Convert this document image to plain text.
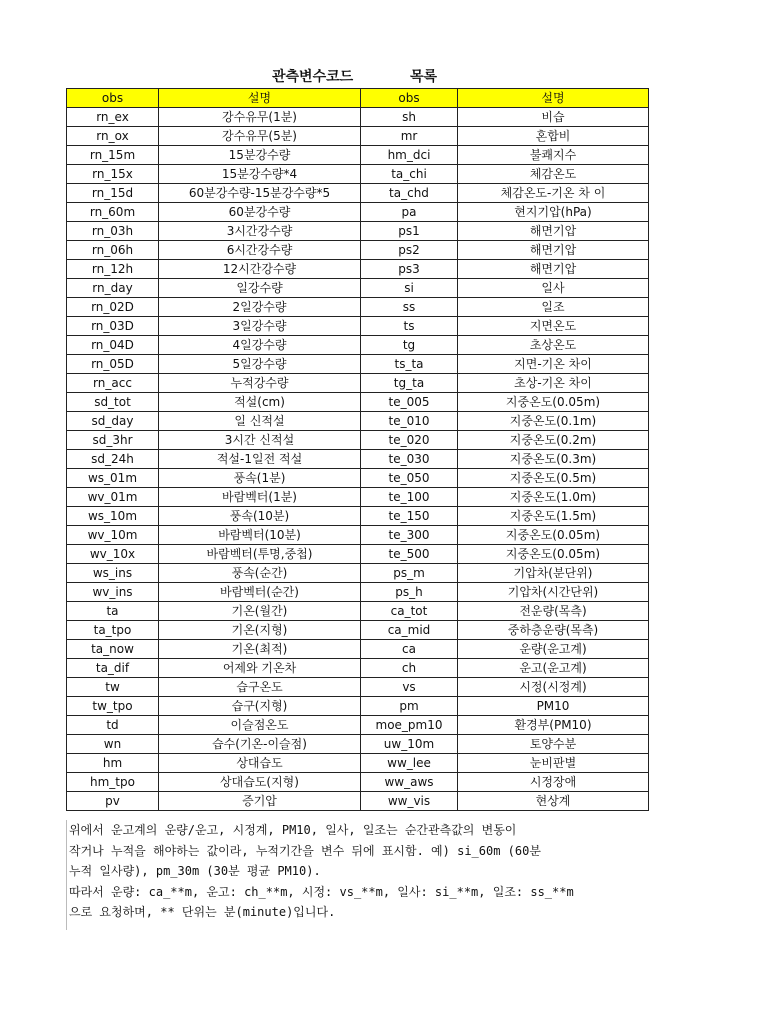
관측변수코드	목록
obs	설명	obs	설명
rn_ex	강수유무(1분)	sh	비습
rn_ox	강수유무(5분)	mr	혼합비
rn_15m	15분강수량	hm_dci	불쾌지수
rn_15x	15분강수량*4	ta_chi	체감온도
rn_15d	60분강수량-15분강수량*5	ta_chd	체감온도-기온 차 이
rn_60m	60분강수량	pa	현지기압(hPa)
rn_03h	3시간강수량	ps1	해면기압
rn_06h	6시간강수량	ps2	해면기압
rn_12h	12시간강수량	ps3	해면기압
rn_day	일강수량	si	일사
rn_02D	2일강수량	ss	일조
rn_03D	3일강수량	ts	지면온도
rn_04D	4일강수량	tg	초상온도
rn_05D	5일강수량	ts_ta	지면-기온 차이
rn_acc	누적강수량	tg_ta	초상-기온 차이
sd_tot	적설(cm)	te_005	지중온도(0.05m)
sd_day	일 신적설	te_010	지중온도(0.1m)
sd_3hr	3시간 신적설	te_020	지중온도(0.2m)
sd_24h	적설-1일전 적설	te_030	지중온도(0.3m)
ws_01m	풍속(1분)	te_050	지중온도(0.5m)
wv_01m	바람벡터(1분)	te_100	지중온도(1.0m)
ws_10m	풍속(10분)	te_150	지중온도(1.5m)
wv_10m	바람벡터(10분)	te_300	지중온도(0.05m)
wv_10x	바람벡터(투명,중첩)	te_500	지중온도(0.05m)
ws_ins	풍속(순간)	ps_m	기압차(분단위)
wv_ins	바람벡터(순간)	ps_h	기압차(시간단위)
ta	기온(월간)	ca_tot	전운량(목측)
ta_tpo	기온(지형)	ca_mid	중하층운량(목측)
ta_now	기온(최적)	ca	운량(운고계)
ta_dif	어제와 기온차	ch	운고(운고계)
tw	습구온도	vs	시정(시정계)
tw_tpo	습구(지형)	pm	PM10
td	이슬점온도	moe_pm10	환경부(PM10)
wn	습수(기온-이슬점)	uw_10m	토양수분
hm	상대습도	ww_lee	눈비판별
hm_tpo	상대습도(지형)	ww_aws	시정장애
pv	증기압	ww_vis	현상계
위에서 운고계의 운량/운고, 시정계, PM10, 일사, 일조는 순간관측값의 변동이
작거나 누적을 해야하는 값이라, 누적기간을 변수 뒤에 표시함. 예) si_60m (60분
누적 일사량), pm_30m (30분 평균 PM10).
따라서 운량: ca_**m, 운고: ch_**m, 시정: vs_**m, 일사: si_**m, 일조: ss_**m
으로 요청하며, ** 단위는 분(minute)입니다.
